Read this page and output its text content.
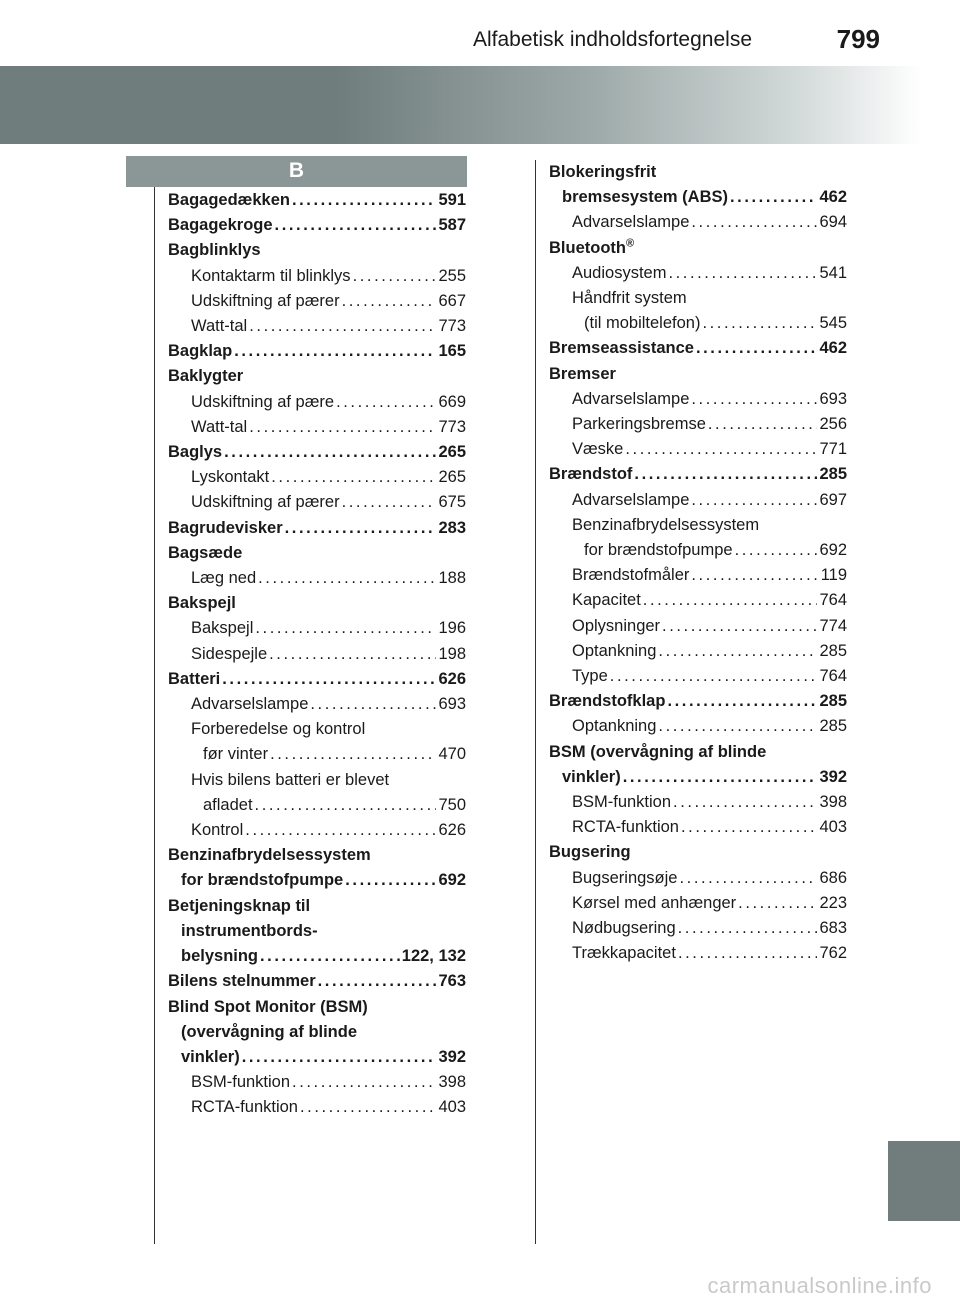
Alfabetisk indholdsfortegnelse	799
B
Bagagedækken . . .	591
Bagagekroge . . .	587
Bagblinklys
Kontaktarm til blinklys . . .	255
Udskiftning af pærer . . .	667
Watt-tal . . .	773
Bagklap . . .	165
Baklygter
Udskiftning af pære . . .	669
Watt-tal . . .	773
Baglys . . .	265
Lyskontakt . . .	265
Udskiftning af pærer . . .	675
Bagrudevisker . . .	283
Bagsæde
Læg ned . . .	188
Bakspejl
Bakspejl . . .	196
Sidespejle . . .	198
Batteri . . .	626
Advarselslampe . . .	693
Forberedelse og kontrol
før vinter . . .	470
Hvis bilens batteri er blevet
afladet . . .	750
Kontrol . . .	626
Benzinafbrydelsessystem
for brændstofpumpe . . .	692
Betjeningsknap til
instrumentbords-
belysning . . .	122, 132
Bilens stelnummer . . .	763
Blind Spot Monitor (BSM)
(overvågning af blinde
vinkler) . . .	392
BSM-funktion . . .	398
RCTA-funktion . . .	403
Blokeringsfrit
bremsesystem (ABS) . . .	462
Advarselslampe . . .	694
Bluetooth®
Audiosystem . . .	541
Håndfrit system
(til mobiltelefon) . . .	545
Bremseassistance . . .	462
Bremser
Advarselslampe . . .	693
Parkeringsbremse . . .	256
Væske . . .	771
Brændstof . . .	285
Advarselslampe . . .	697
Benzinafbrydelsessystem
for brændstofpumpe . . .	692
Brændstofmåler . . .	119
Kapacitet . . .	764
Oplysninger . . .	774
Optankning . . .	285
Type . . .	764
Brændstofklap . . .	285
Optankning . . .	285
BSM (overvågning af blinde
vinkler) . . .	392
BSM-funktion . . .	398
RCTA-funktion . . .	403
Bugsering
Bugseringsøje . . .	686
Kørsel med anhænger . . .	223
Nødbugsering . . .	683
Trækkapacitet . . .	762
carmanualsonline.info
